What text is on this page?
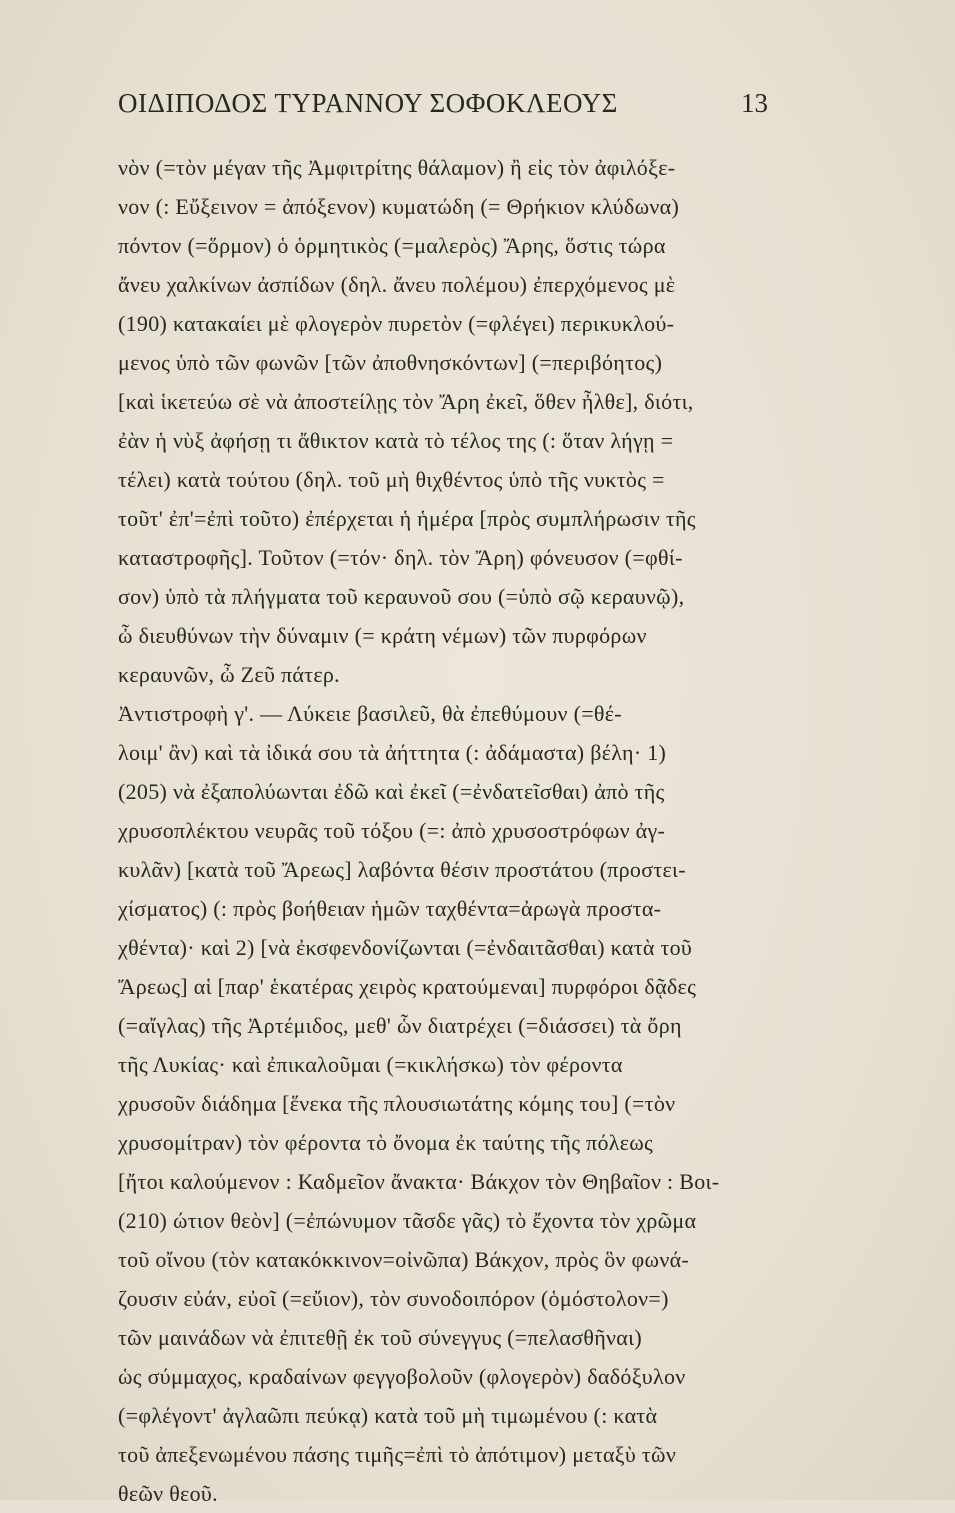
ΟΙΔΙΠΟΔΟΣ ΤΥΡΑΝΝΟΥ ΣΟΦΟΚΛΕΟΥΣ	13
νὸν (=τὸν μέγαν τῆς Ἀμφιτρίτης θάλαμον) ἢ εἰς τὸν ἀφιλόξε-
νον (: Εὔξεινον = ἀπόξενον) κυματώδη (= Θρήκιον κλύδωνα)
πόντον (=ὅρμον) ὁ ὁρμητικὸς (=μαλερὸς) Ἄρης, ὅστις τώρα
ἄνευ χαλκίνων ἀσπίδων (δηλ. ἄνευ πολέμου) ἐπερχόμενος μὲ
(190) κατακαίει μὲ φλογερὸν πυρετὸν (=φλέγει) περικυκλού-
μενος ὑπὸ τῶν φωνῶν [τῶν ἀποθνησκόντων] (=περιβόητος)
[καὶ ἱκετεύω σὲ νὰ ἀποστείλῃς τὸν Ἄρη ἐκεῖ, ὅθεν ἦλθε], διότι,
ἐὰν ἡ νὺξ ἀφήσῃ τι ἄθικτον κατὰ τὸ τέλος της (: ὅταν λήγῃ =
τέλει) κατὰ τούτου (δηλ. τοῦ μὴ θιχθέντος ὑπὸ τῆς νυκτὸς =
τοῦτ' ἐπ'=ἐπὶ τοῦτο) ἐπέρχεται ἡ ἡμέρα [πρὸς συμπλήρωσιν τῆς
καταστροφῆς]. Τοῦτον (=τόν· δηλ. τὸν Ἄρη) φόνευσον (=φθί-
σον) ὑπὸ τὰ πλήγματα τοῦ κεραυνοῦ σου (=ὑπὸ σῷ κεραυνῷ),
ὦ διευθύνων τὴν δύναμιν (= κράτη νέμων) τῶν πυρφόρων
κεραυνῶν, ὦ Ζεῦ πάτερ.
Ἀντιστροφὴ γ'. — Λύκειε βασιλεῦ, θὰ ἐπεθύμουν (=θέ-
λοιμ' ἂν) καὶ τὰ ἰδικά σου τὰ ἀήττητα (: ἀδάμαστα) βέλη· 1)
(205) νὰ ἐξαπολύωνται ἐδῶ καὶ ἐκεῖ (=ἐνδατεῖσθαι) ἀπὸ τῆς
χρυσοπλέκτου νευρᾶς τοῦ τόξου (=: ἀπὸ χρυσοστρόφων ἀγ-
κυλᾶν) [κατὰ τοῦ Ἄρεως] λαβόντα θέσιν προστάτου (προστει-
χίσματος) (: πρὸς βοήθειαν ἡμῶν ταχθέντα=ἀρωγὰ προστα-
χθέντα)· καὶ 2) [νὰ ἐκσφενδονίζωνται (=ἐνδαιτᾶσθαι) κατὰ τοῦ
Ἄρεως] αἱ [παρ' ἑκατέρας χειρὸς κρατούμεναι] πυρφόροι δᾷδες
(=αἴγλας) τῆς Ἀρτέμιδος, μεθ' ὧν διατρέχει (=διάσσει) τὰ ὄρη
τῆς Λυκίας· καὶ ἐπικαλοῦμαι (=κικλήσκω) τὸν φέροντα
χρυσοῦν διάδημα [ἕνεκα τῆς πλουσιωτάτης κόμης του] (=τὸν
χρυσομίτραν) τὸν φέροντα τὸ ὄνομα ἐκ ταύτης τῆς πόλεως
[ἤτοι καλούμενον : Καδμεῖον ἄνακτα· Βάκχον τὸν Θηβαῖον : Βοι-
(210) ώτιον θεὸν] (=ἐπώνυμον τᾶσδε γᾶς) τὸ ἔχοντα τὸν χρῶμα
τοῦ οἴνου (τὸν κατακόκκινον=οἰνῶπα) Βάκχον, πρὸς ὃν φωνά-
ζουσιν εὐάν, εὐοῖ (=εὔιον), τὸν συνοδοιπόρον (ὁμόστολον=)
τῶν μαινάδων νὰ ἐπιτεθῇ ἐκ τοῦ σύνεγγυς (=πελασθῆναι)
ὡς σύμμαχος, κραδαίνων φεγγοβολοῦν (φλογερὸν) δαδόξυλον
(=φλέγοντ' ἀγλαῶπι πεύκᾳ) κατὰ τοῦ μὴ τιμωμένου (: κατὰ
τοῦ ἀπεξενωμένου πάσης τιμῆς=ἐπὶ τὸ ἀπότιμον) μεταξὺ τῶν
θεῶν θεοῦ.
